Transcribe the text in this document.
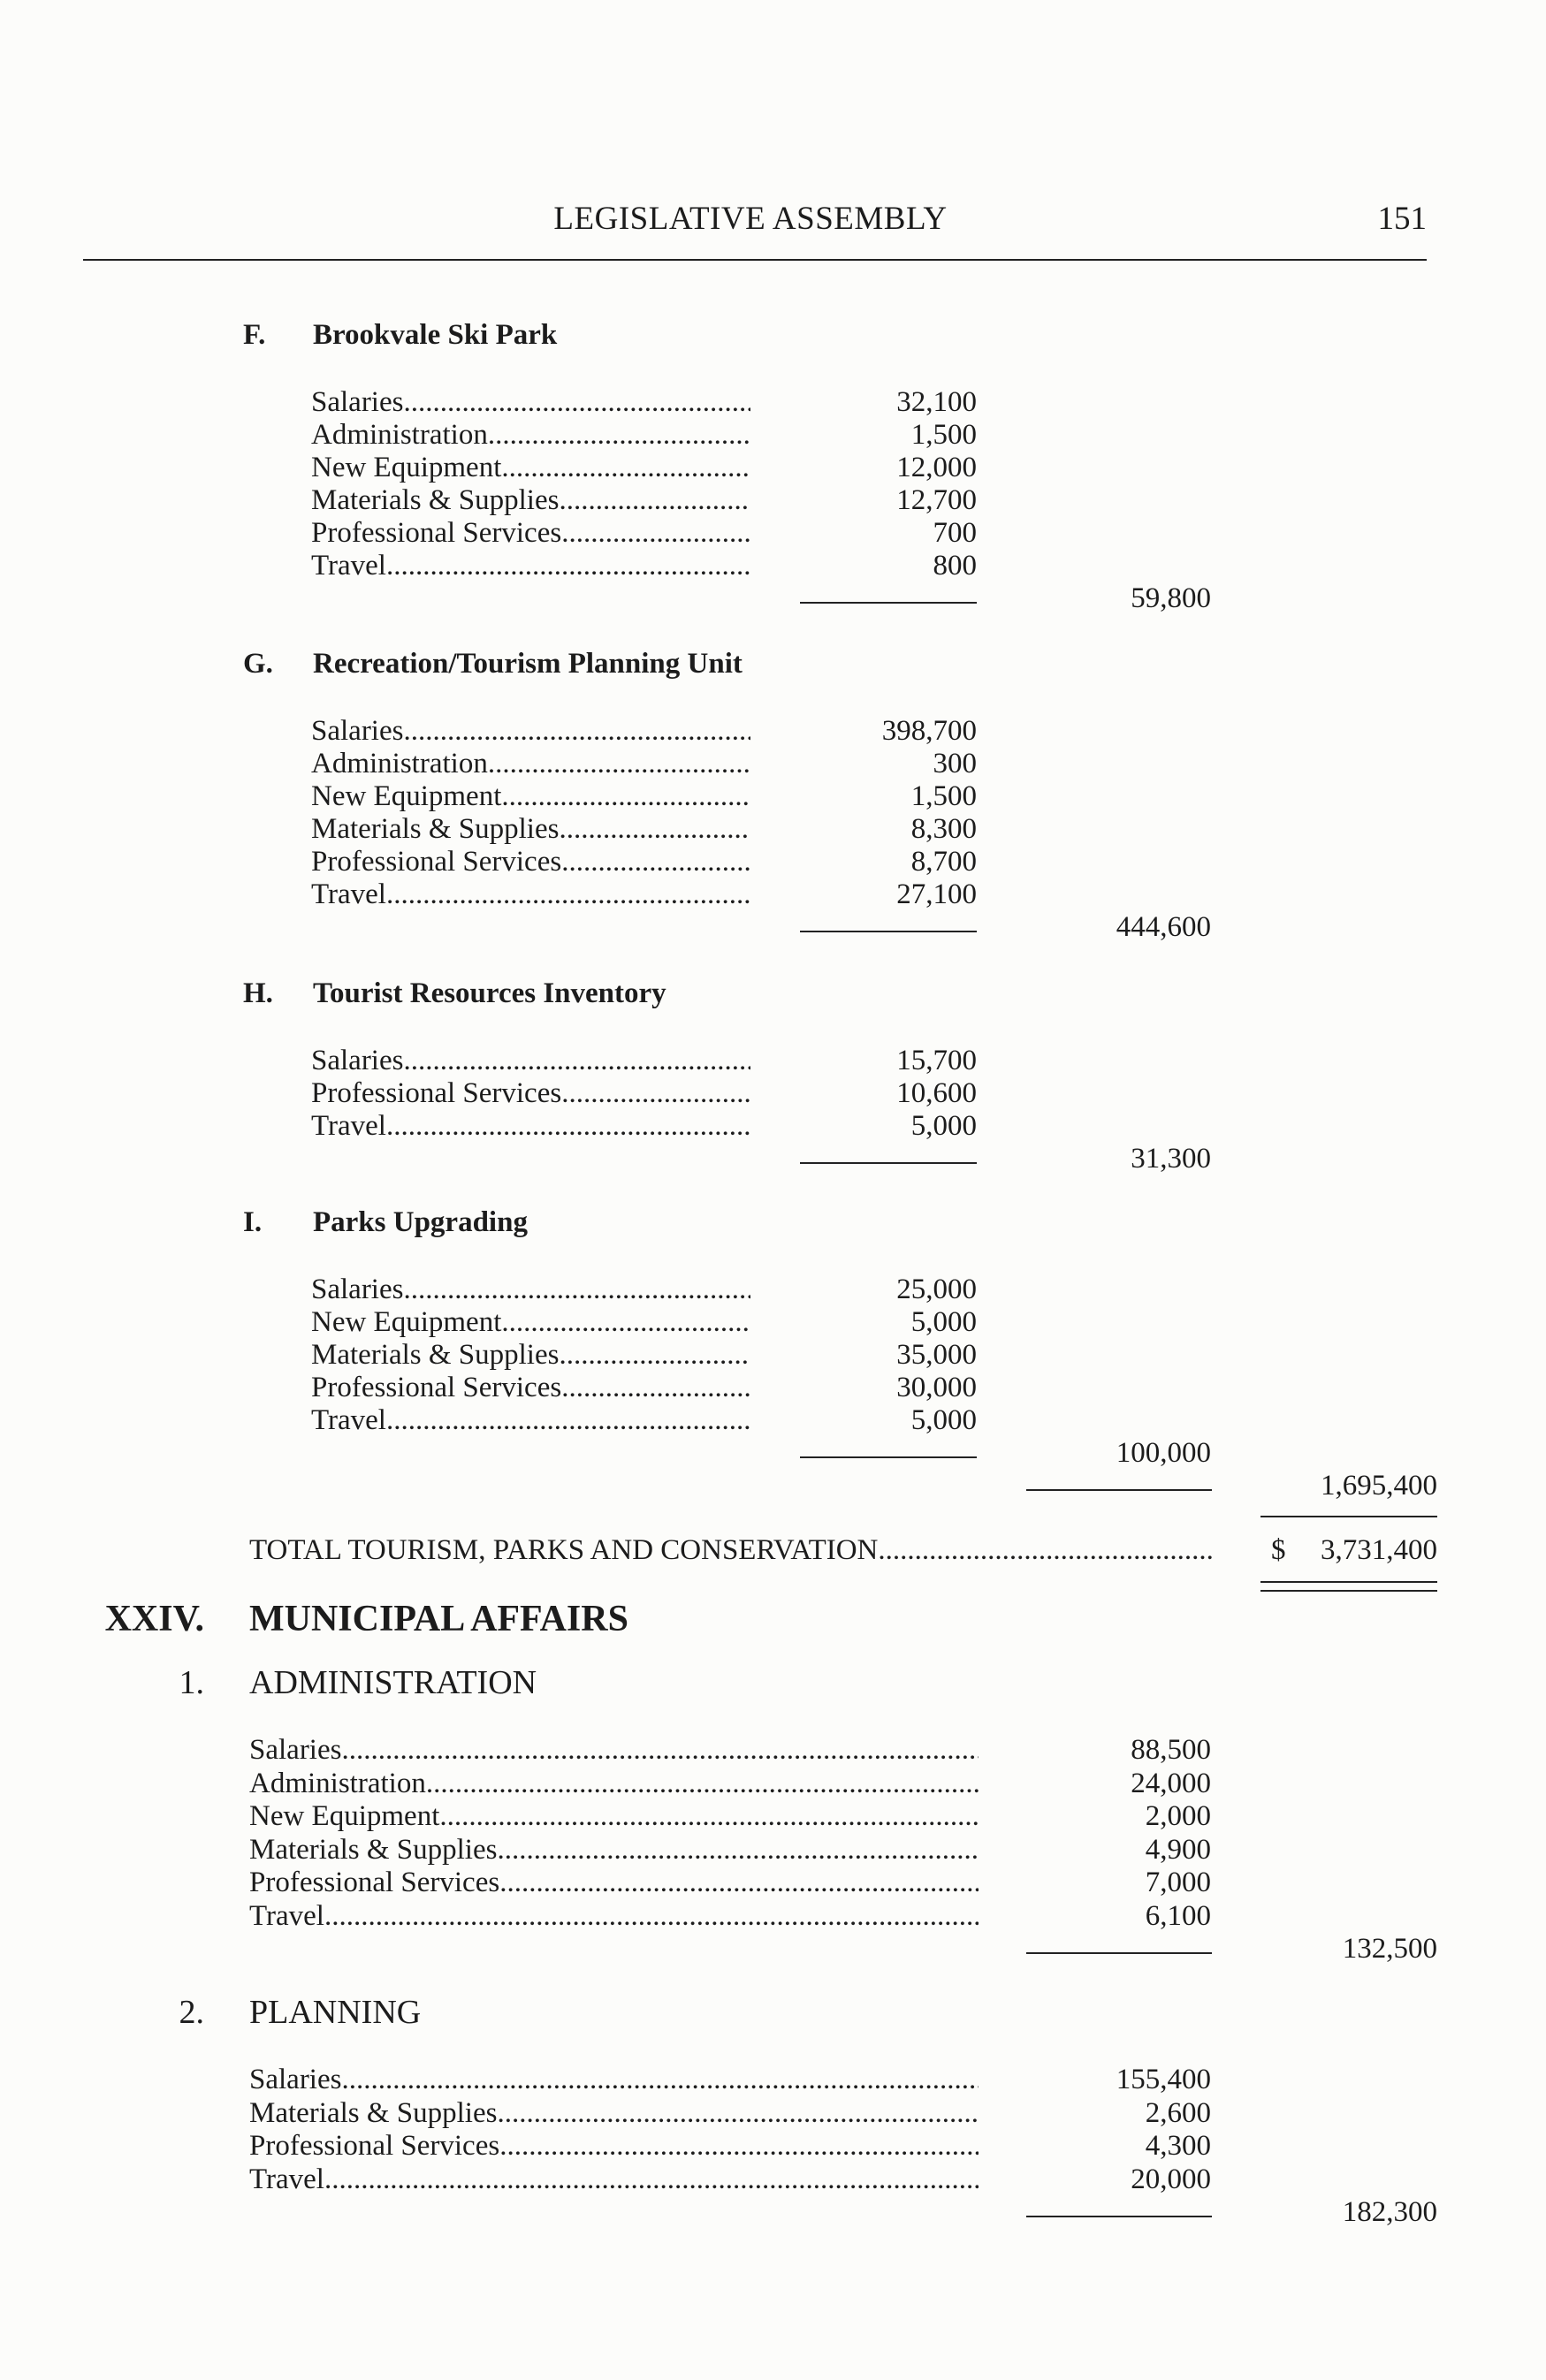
LEGISLATIVE ASSEMBLY	151
F. Brookvale Ski Park
Salaries .....	32,100
Administration .....	1,500
New Equipment .....	12,000
Materials & Supplies .....	12,700
Professional Services .....	700
Travel .....	800
59,800
G. Recreation/Tourism Planning Unit
Salaries .....	398,700
Administration .....	300
New Equipment .....	1,500
Materials & Supplies .....	8,300
Professional Services .....	8,700
Travel .....	27,100
444,600
H. Tourist Resources Inventory
Salaries .....	15,700
Professional Services .....	10,600
Travel .....	5,000
31,300
I. Parks Upgrading
Salaries .....	25,000
New Equipment .....	5,000
Materials & Supplies .....	35,000
Professional Services .....	30,000
Travel .....	5,000
100,000
1,695,400
TOTAL TOURISM, PARKS AND CONSERVATION .....	$ 3,731,400
XXIV. MUNICIPAL AFFAIRS
1. ADMINISTRATION
Salaries .....	88,500
Administration .....	24,000
New Equipment .....	2,000
Materials & Supplies .....	4,900
Professional Services .....	7,000
Travel .....	6,100
132,500
2. PLANNING
Salaries .....	155,400
Materials & Supplies .....	2,600
Professional Services .....	4,300
Travel .....	20,000
182,300
